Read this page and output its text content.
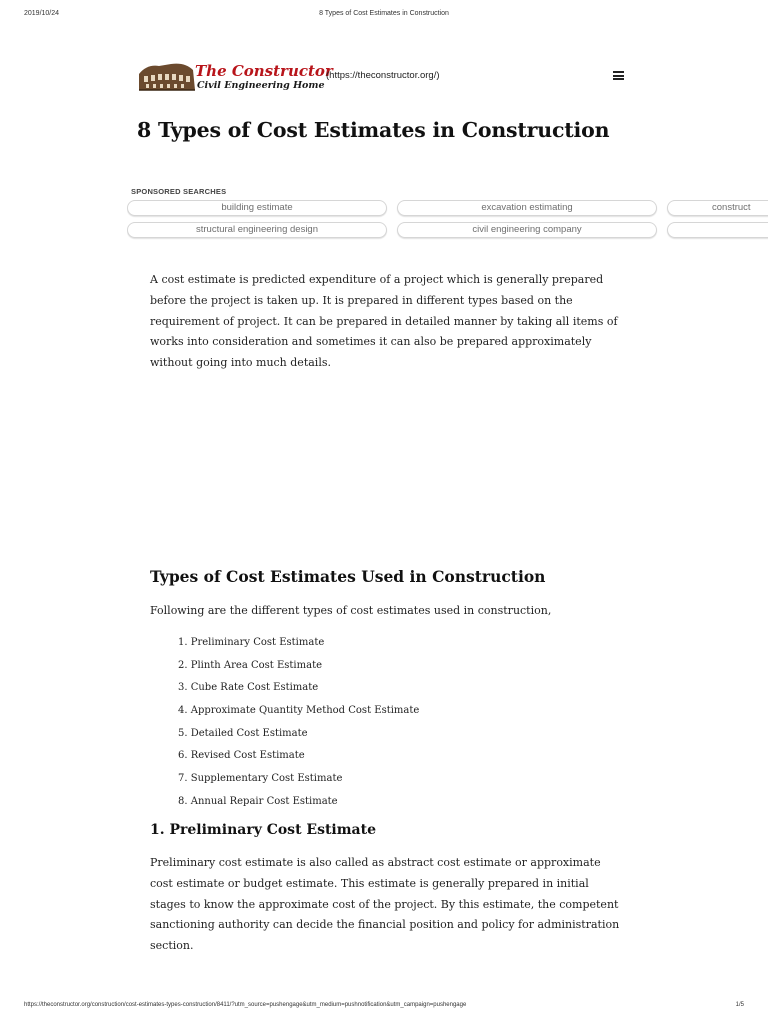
2019/10/24	8 Types of Cost Estimates in Construction
The Constructor
Civil Engineering Home
(https://theconstructor.org/)
8 Types of Cost Estimates in Construction
SPONSORED SEARCHES
building estimate	excavation estimating	construct
structural engineering design	civil engineering company

A cost estimate is predicted expenditure of a project which is generally prepared before the project is taken up. It is prepared in different types based on the requirement of project. It can be prepared in detailed manner by taking all items of works into consideration and sometimes it can also be prepared approximately without going into much details.

Types of Cost Estimates Used in Construction

Following are the different types of cost estimates used in construction,

1. Preliminary Cost Estimate
2. Plinth Area Cost Estimate
3. Cube Rate Cost Estimate
4. Approximate Quantity Method Cost Estimate
5. Detailed Cost Estimate
6. Revised Cost Estimate
7. Supplementary Cost Estimate
8. Annual Repair Cost Estimate
1. Preliminary Cost Estimate

Preliminary cost estimate is also called as abstract cost estimate or approximate cost estimate or budget estimate. This estimate is generally prepared in initial stages to know the approximate cost of the project. By this estimate, the competent sanctioning authority can decide the financial position and policy for administration section.

https://theconstructor.org/construction/cost-estimates-types-construction/8411/?utm_source=pushengage&utm_medium=pushnotification&utm_campaign=pushengage	1/5
